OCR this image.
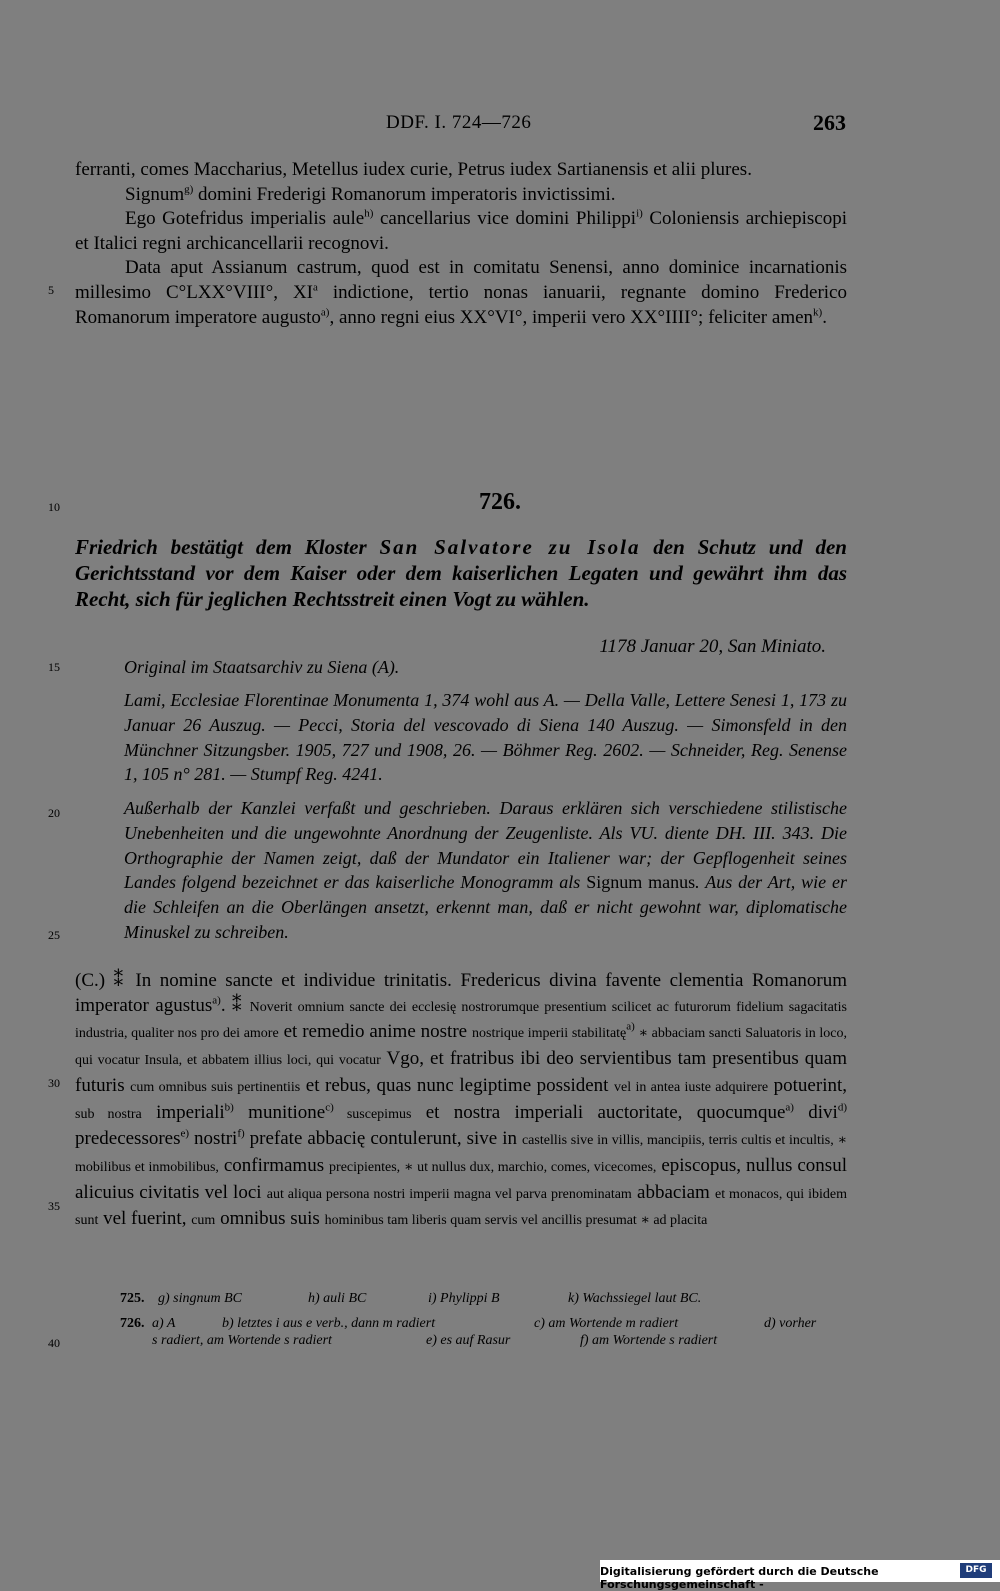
DDF. I. 724—726	263
ferranti, comes Maccharius, Metellus iudex curie, Petrus iudex Sartianensis et alii plures.
Signum$^{g)}$ domini Frederigi Romanorum imperatoris invictissimi.
Ego Gotefridus imperialis aule$^{h)}$ cancellarius vice domini Philippi$^{i)}$ Coloniensis archiepiscopi et Italici regni archicancellarii recognovi.
Data aput Assianum castrum, quod est in comitatu Senensi, anno dominice incarnationis millesimo C°LXX°VIII°, $XI^a$ indictione, tertio nonas ianuarii, regnante domino Frederico Romanorum imperatore augusto$^{a)}$, anno regni eius XX°VI°, imperii vero XX°IIII°; feliciter amen$^{k)}$.
5
10
15
20
25
30
35
40
726.
Friedrich bestätigt dem Kloster San Salvatore zu Isola den Schutz und den Gerichtsstand vor dem Kaiser oder dem kaiserlichen Legaten und gewährt ihm das Recht, sich für jeglichen Rechtsstreit einen Vogt zu wählen.
1178 Januar 20, San Miniato.
Original im Staatsarchiv zu Siena (A).
Lami, Ecclesiae Florentinae Monumenta 1, 374 wohl aus A. — Della Valle, Lettere Senesi 1, 173 zu Januar 26 Auszug. — Pecci, Storia del vescovado di Siena 140 Auszug. — Simonsfeld in den Münchner Sitzungsber. 1905, 727 und 1908, 26. — Böhmer Reg. 2602. — Schneider, Reg. Senense 1, 105 n° 281. — Stumpf Reg. 4241.
Außerhalb der Kanzlei verfaßt und geschrieben. Daraus erklären sich verschiedene stilistische Unebenheiten und die ungewohnte Anordnung der Zeugenliste. Als VU. diente DH. III. 343. Die Orthographie der Namen zeigt, daß der Mundator ein Italiener war; der Gepflogenheit seines Landes folgend bezeichnet er das kaiserliche Monogramm als Signum manus. Aus der Art, wie er die Schleifen an die Oberlängen ansetzt, erkennt man, daß er nicht gewohnt war, diplomatische Minuskel zu schreiben.
(C.) ⁑ In nomine sancte et individue trinitatis. Fredericus divina favente clementia Romanorum imperator agustus$^{a)}$. ⁑ Noverit omnium sancte dei ecclesię nostrorumque presentium scilicet ac futurorum fidelium sagacitatis industria, qualiter nos pro dei amore et remedio anime nostre nostrique imperii stabilitatę$^{a)}$ ∗ abbaciam sancti Saluatoris in loco, qui vocatur Insula, et abbatem illius loci, qui vocatur Vgo, et fratribus ibi deo servientibus tam presentibus quam futuris cum omnibus suis pertinentiis et rebus, quas nunc legiptime possident vel in antea iuste adquirere potuerint, sub nostra imperiali$^{b)}$ munitione$^{c)}$ suscepimus et nostra imperiali auctoritate, quocumque$^{a)}$ divi$^{d)}$ predecessores$^{e)}$ nostri$^{f)}$ prefate abbacię contulerunt, sive in castellis sive in villis, mancipiis, terris cultis et incultis, ∗ mobilibus et inmobilibus, confirmamus precipientes, ∗ ut nullus dux, marchio, comes, vicecomes, episcopus, nullus consul alicuius civitatis vel loci aut aliqua persona nostri imperii magna vel parva prenominatam abbaciam et monacos, qui ibidem sunt vel fuerint, cum omnibus suis hominibus tam liberis quam servis vel ancillis presumat ∗ ad placita
725. g) singnum BC	h) auli BC	i) Phylippi B	k) Wachssiegel laut BC.
726. a) A	b) letztes i aus e verb., dann m radiert	c) am Wortende m radiert	d) vorher
s radiert, am Wortende s radiert	e) es auf Rasur	f) am Wortende s radiert
Digitalisierung gefördert durch die Deutsche Forschungsgemeinschaft -
DFG
